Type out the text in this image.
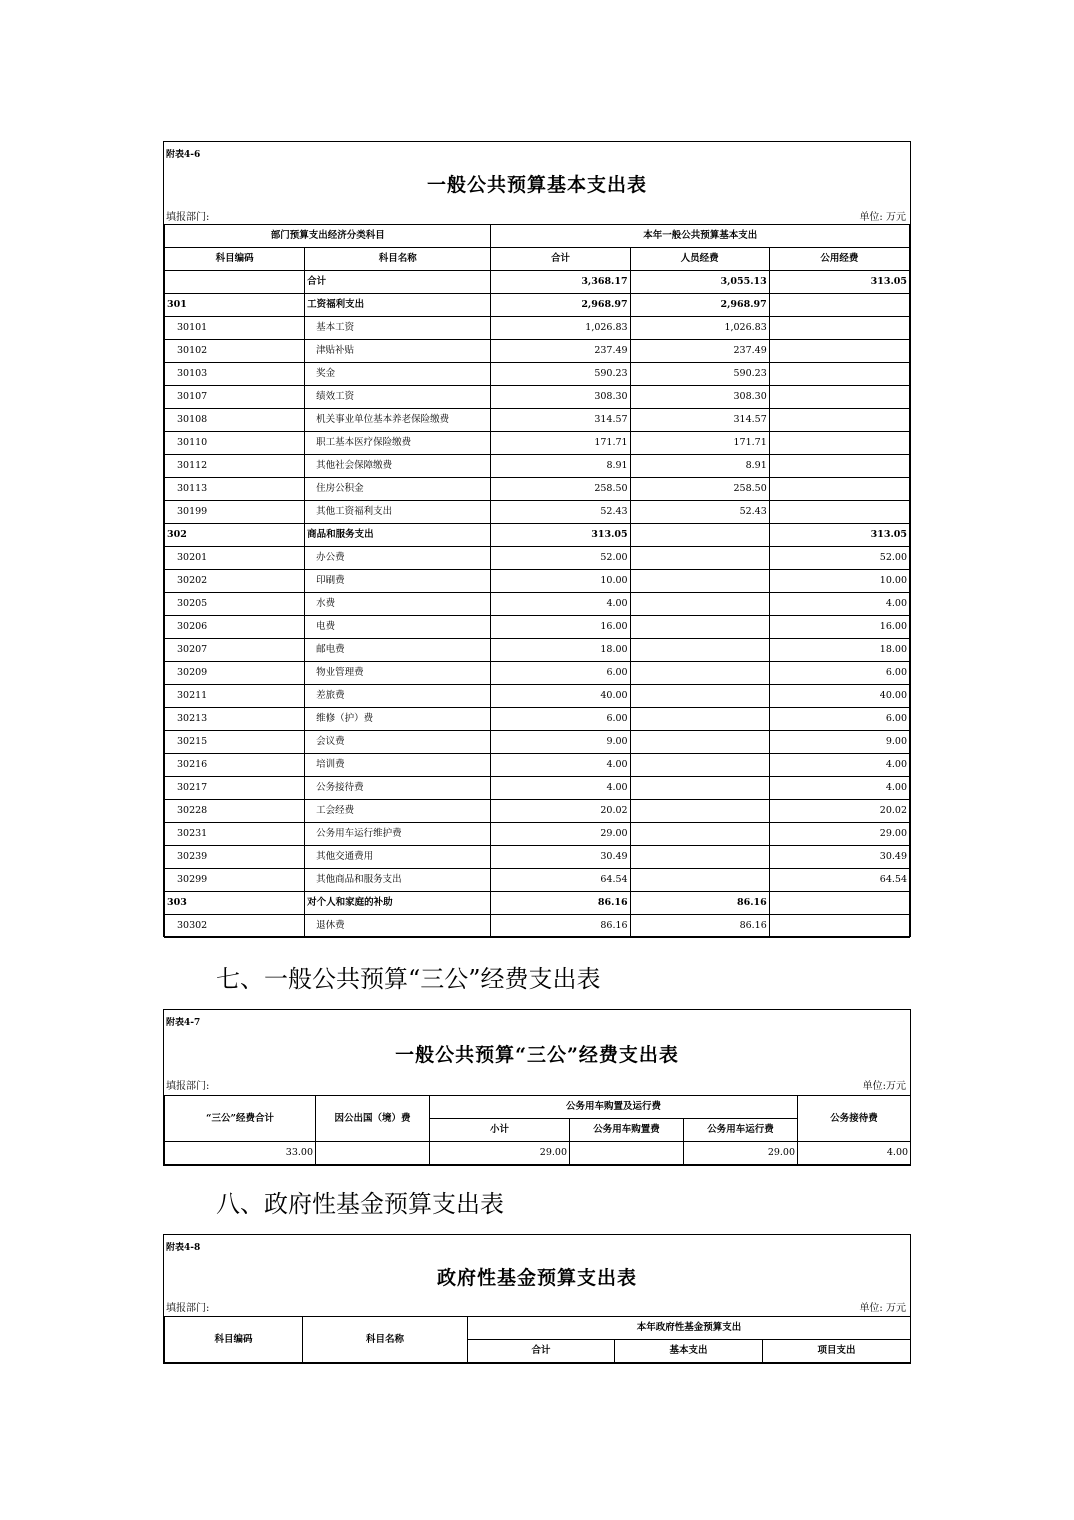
附表4-6
一般公共预算基本支出表
填报部门:	单位: 万元
部门预算支出经济分类科目		本年一般公共预算基本支出		
科目编码	科目名称	合计	人员经费	公用经费
	合计	3,368.17	3,055.13	313.05
301	工资福利支出	2,968.97	2,968.97	
30101	基本工资	1,026.83	1,026.83	
30102	津贴补贴	237.49	237.49	
30103	奖金	590.23	590.23	
30107	绩效工资	308.30	308.30	
30108	机关事业单位基本养老保险缴费	314.57	314.57	
30110	职工基本医疗保险缴费	171.71	171.71	
30112	其他社会保障缴费	8.91	8.91	
30113	住房公积金	258.50	258.50	
30199	其他工资福利支出	52.43	52.43	
302	商品和服务支出	313.05		313.05
30201	办公费	52.00		52.00
30202	印刷费	10.00		10.00
30205	水费	4.00		4.00
30206	电费	16.00		16.00
30207	邮电费	18.00		18.00
30209	物业管理费	6.00		6.00
30211	差旅费	40.00		40.00
30213	维修（护）费	6.00		6.00
30215	会议费	9.00		9.00
30216	培训费	4.00		4.00
30217	公务接待费	4.00		4.00
30228	工会经费	20.02		20.02
30231	公务用车运行维护费	29.00		29.00
30239	其他交通费用	30.49		30.49
30299	其他商品和服务支出	64.54		64.54
303	对个人和家庭的补助	86.16	86.16	
30302	退休费	86.16	86.16	
七、一般公共预算“三公”经费支出表
附表4-7
一般公共预算“三公”经费支出表
填报部门:	单位:万元
“三公”经费合计	因公出国（境）费	公务用车购置及运行费			公务接待费
		小计	公务用车购置费	公务用车运行费	
33.00		29.00		29.00	4.00
八、政府性基金预算支出表
附表4-8
政府性基金预算支出表
填报部门:	单位: 万元
科目编码	科目名称	本年政府性基金预算支出		
		合计	基本支出	项目支出
